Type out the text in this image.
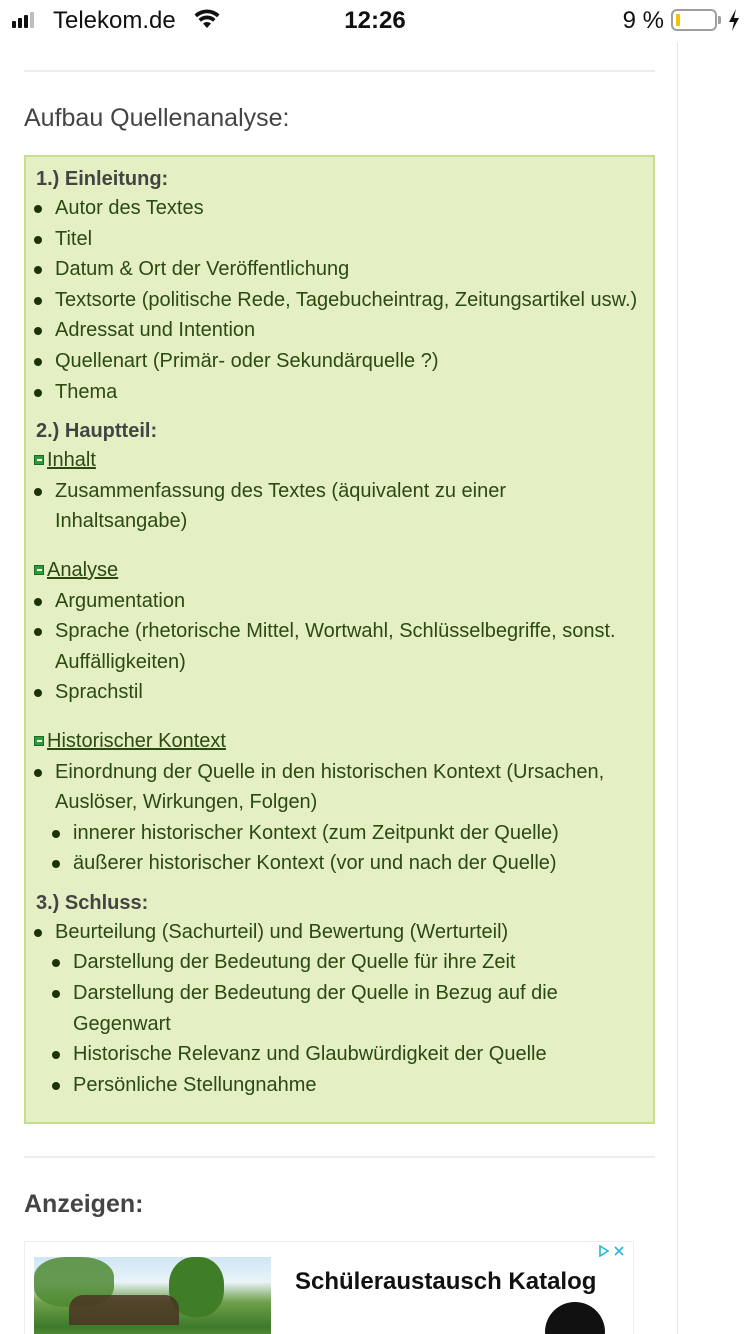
Telekom.de	12:26	9 %
Aufbau Quellenanalyse:
1.) Einleitung:
Autor des Textes
Titel
Datum & Ort der Veröffentlichung
Textsorte (politische Rede, Tagebucheintrag, Zeitungsartikel usw.)
Adressat und Intention
Quellenart (Primär- oder Sekundärquelle ?)
Thema
2.) Hauptteil:
Inhalt
Zusammenfassung des Textes (äquivalent zu einer Inhaltsangabe)
Analyse
Argumentation
Sprache (rhetorische Mittel, Wortwahl, Schlüsselbegriffe, sonst. Auffälligkeiten)
Sprachstil
Historischer Kontext
Einordnung der Quelle in den historischen Kontext (Ursachen, Auslöser, Wirkungen, Folgen)
innerer historischer Kontext (zum Zeitpunkt der Quelle)
äußerer historischer Kontext (vor und nach der Quelle)
3.) Schluss:
Beurteilung (Sachurteil) und Bewertung (Werturteil)
Darstellung der Bedeutung der Quelle für ihre Zeit
Darstellung der Bedeutung der Quelle in Bezug auf die Gegenwart
Historische Relevanz und Glaubwürdigkeit der Quelle
Persönliche Stellungnahme
Anzeigen:
Schüleraustausch Katalog
